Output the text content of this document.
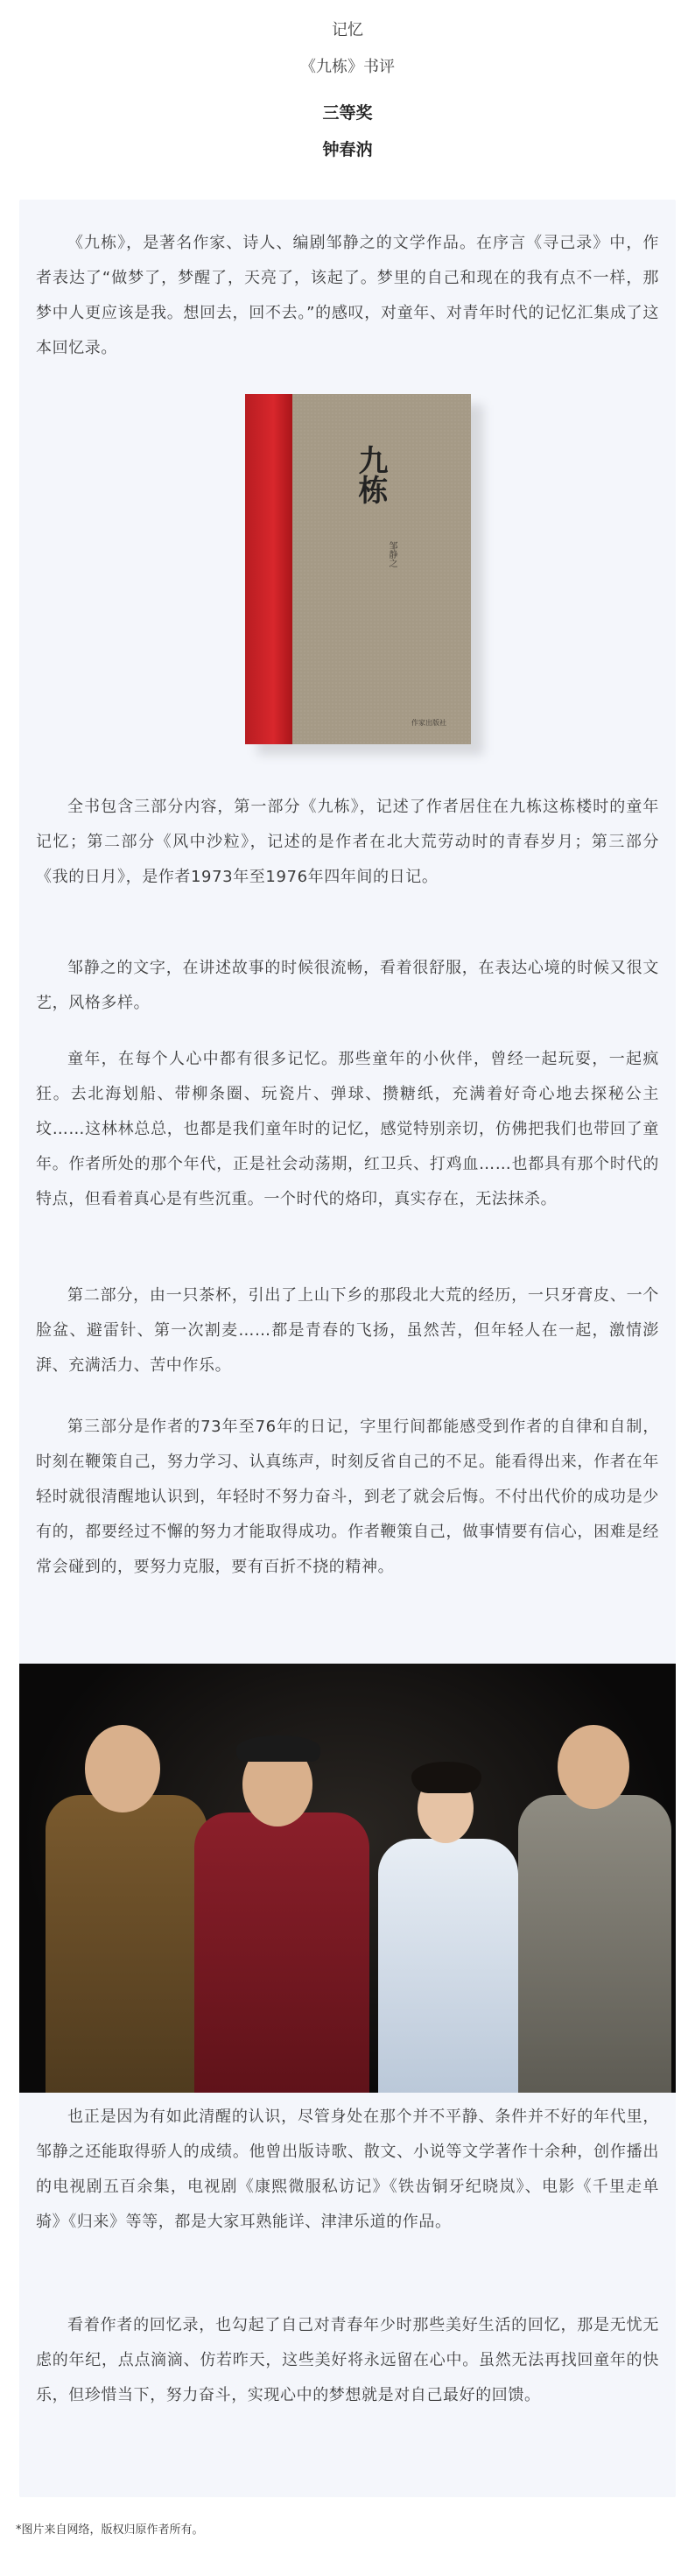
记忆
《九栋》书评
三等奖
钟春汭

《九栋》，是著名作家、诗人、编剧邹静之的文学作品。在序言《寻己录》中，作者表达了“做梦了，梦醒了，天亮了，该起了。梦里的自己和现在的我有点不一样，那梦中人更应该是我。想回去，回不去。”的感叹，对童年、对青年时代的记忆汇集成了这本回忆录。

九栋
邹静之
作家出版社

全书包含三部分内容，第一部分《九栋》，记述了作者居住在九栋这栋楼时的童年记忆；第二部分《风中沙粒》，记述的是作者在北大荒劳动时的青春岁月；第三部分《我的日月》，是作者1973年至1976年四年间的日记。

邹静之的文字，在讲述故事的时候很流畅，看着很舒服，在表达心境的时候又很文艺，风格多样。

童年，在每个人心中都有很多记忆。那些童年的小伙伴，曾经一起玩耍，一起疯狂。去北海划船、带柳条圈、玩瓷片、弹球、攒糖纸，充满着好奇心地去探秘公主坟……这林林总总，也都是我们童年时的记忆，感觉特别亲切，仿佛把我们也带回了童年。作者所处的那个年代，正是社会动荡期，红卫兵、打鸡血……也都具有那个时代的特点，但看着真心是有些沉重。一个时代的烙印，真实存在，无法抹杀。

第二部分，由一只茶杯，引出了上山下乡的那段北大荒的经历，一只牙膏皮、一个脸盆、避雷针、第一次割麦……都是青春的飞扬，虽然苦，但年轻人在一起，激情澎湃、充满活力、苦中作乐。

第三部分是作者的73年至76年的日记，字里行间都能感受到作者的自律和自制，时刻在鞭策自己，努力学习、认真练声，时刻反省自己的不足。能看得出来，作者在年轻时就很清醒地认识到，年轻时不努力奋斗，到老了就会后悔。不付出代价的成功是少有的，都要经过不懈的努力才能取得成功。作者鞭策自己，做事情要有信心，困难是经常会碰到的，要努力克服，要有百折不挠的精神。

也正是因为有如此清醒的认识，尽管身处在那个并不平静、条件并不好的年代里，邹静之还能取得骄人的成绩。他曾出版诗歌、散文、小说等文学著作十余种，创作播出的电视剧五百余集，电视剧《康熙微服私访记》《铁齿铜牙纪晓岚》、电影《千里走单骑》《归来》等等，都是大家耳熟能详、津津乐道的作品。

看着作者的回忆录，也勾起了自己对青春年少时那些美好生活的回忆，那是无忧无虑的年纪，点点滴滴、仿若昨天，这些美好将永远留在心中。虽然无法再找回童年的快乐，但珍惜当下，努力奋斗，实现心中的梦想就是对自己最好的回馈。

*图片来自网络，版权归原作者所有。
